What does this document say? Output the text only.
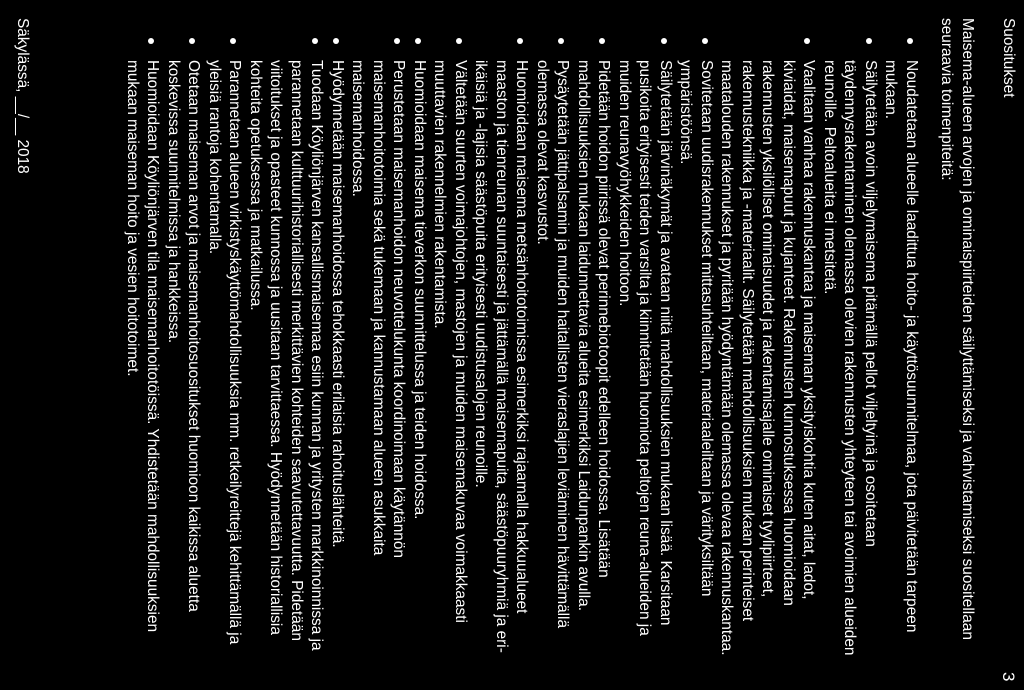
3
Suositukset

Maisema-alueen arvojen ja ominaispiirteiden säilyttämiseksi ja vahvistamiseksi suositellaan seuraavia toimenpiteitä:

Noudatetaan alueelle laadittua hoito- ja käyttösuunnitelmaa, jota päivitetään tarpeen mukaan.
Säilytetään avoin viljelymaisema pitämällä pellot viljeltyinä ja osoitetaan täydennysrakentaminen olemassa olevien rakennusten yhteyteen tai avoimien alueiden reunoille. Peltoalueita ei metsitetä.
Vaalitaan vanhaa rakennuskantaa ja maiseman yksityiskohtia kuten aitat, ladot, kiviaidat, maisemapuut ja kujanteet. Rakennusten kunnostuksessa huomioidaan rakennusten yksilölliset ominaisuudet ja rakentamisajalle ominaiset tyylipiirteet, rakennustekniikka ja -materiaalit. Säilytetään mahdollisuuksien mukaan perinteiset maatalouden rakennukset ja pyritään hyödyntämään olemassa olevaa rakennuskantaa.
Sovitetaan uudisrakennukset mittasuhteiltaan, materiaaleiltaan ja värityksiltään ympäristöönsä.
Säilytetään järvinäkymät ja avataan niitä mahdollisuuksien mukaan lisää. Karsitaan pusikoita erityisesti teiden varsilta ja kiinnitetään huomiota peltojen reuna-alueiden ja muiden reunavyöhykkeiden hoitoon.
Pidetään hoidon piirissä olevat perinnebiotoopit edelleen hoidossa. Lisätään mahdollisuuksien mukaan laidunnettavia alueita esimerkiksi Laidunpankin avulla.
Pysäytetään jättipalsamin ja muiden haitallisten vieraslajien leviäminen hävittämällä olemassa olevat kasvustot.
Huomioidaan maisema metsänhoitotoimissa esimerkiksi rajaamalla hakkuualueet maaston ja tienreunan suuntaisesti ja jättämällä maisemapuita, säästöpuuryhmiä ja eri-ikäisiä ja -lajisia säästöpuita erityisesti uudistusalojen reunoille.
Vältetään suurten voimajohtojen, mastojen ja muiden maisemakuvaa voimakkaasti muuttavien rakennelmien rakentamista.
Huomioidaan maisema tieverkon suunnittelussa ja teiden hoidossa.
Perustetaan maisemanhoidon neuvottelukunta koordinoimaan käytännön maisemanhoitotoimia sekä tukemaan ja kannustamaan alueen asukkaita maisemanhoidossa.
Hyödynnetään maisemanhoidossa tehokkaasti erilaisia rahoituslähteitä.
Tuodaan Köyliönjärven kansallismaisemaa esiin kunnan ja yritysten markkinoinnissa ja parannetaan kulttuurihistoriallisesti merkittävien kohteiden saavutettavuutta. Pidetään viitoitukset ja opasteet kunnossa ja uusitaan tarvittaessa. Hyödynnetään historiallisia kohteita opetuksessa ja matkailussa.
Parannetaan alueen virkistyskäyttömahdollisuuksia mm. retkeilyreittejä kehittämällä ja yleisiä rantoja kohentamalla.
Otetaan maiseman arvot ja maisemanhoitosuositukset huomioon kaikissa aluetta koskevissa suunnitelmissa ja hankkeissa.
Huomioidaan Köyliönjärven tila maisemanhoitotöissä. Yhdistetään mahdollisuuksien mukaan maiseman hoito ja vesien hoitotoimet.
Säkylässä, __/__ 2018
